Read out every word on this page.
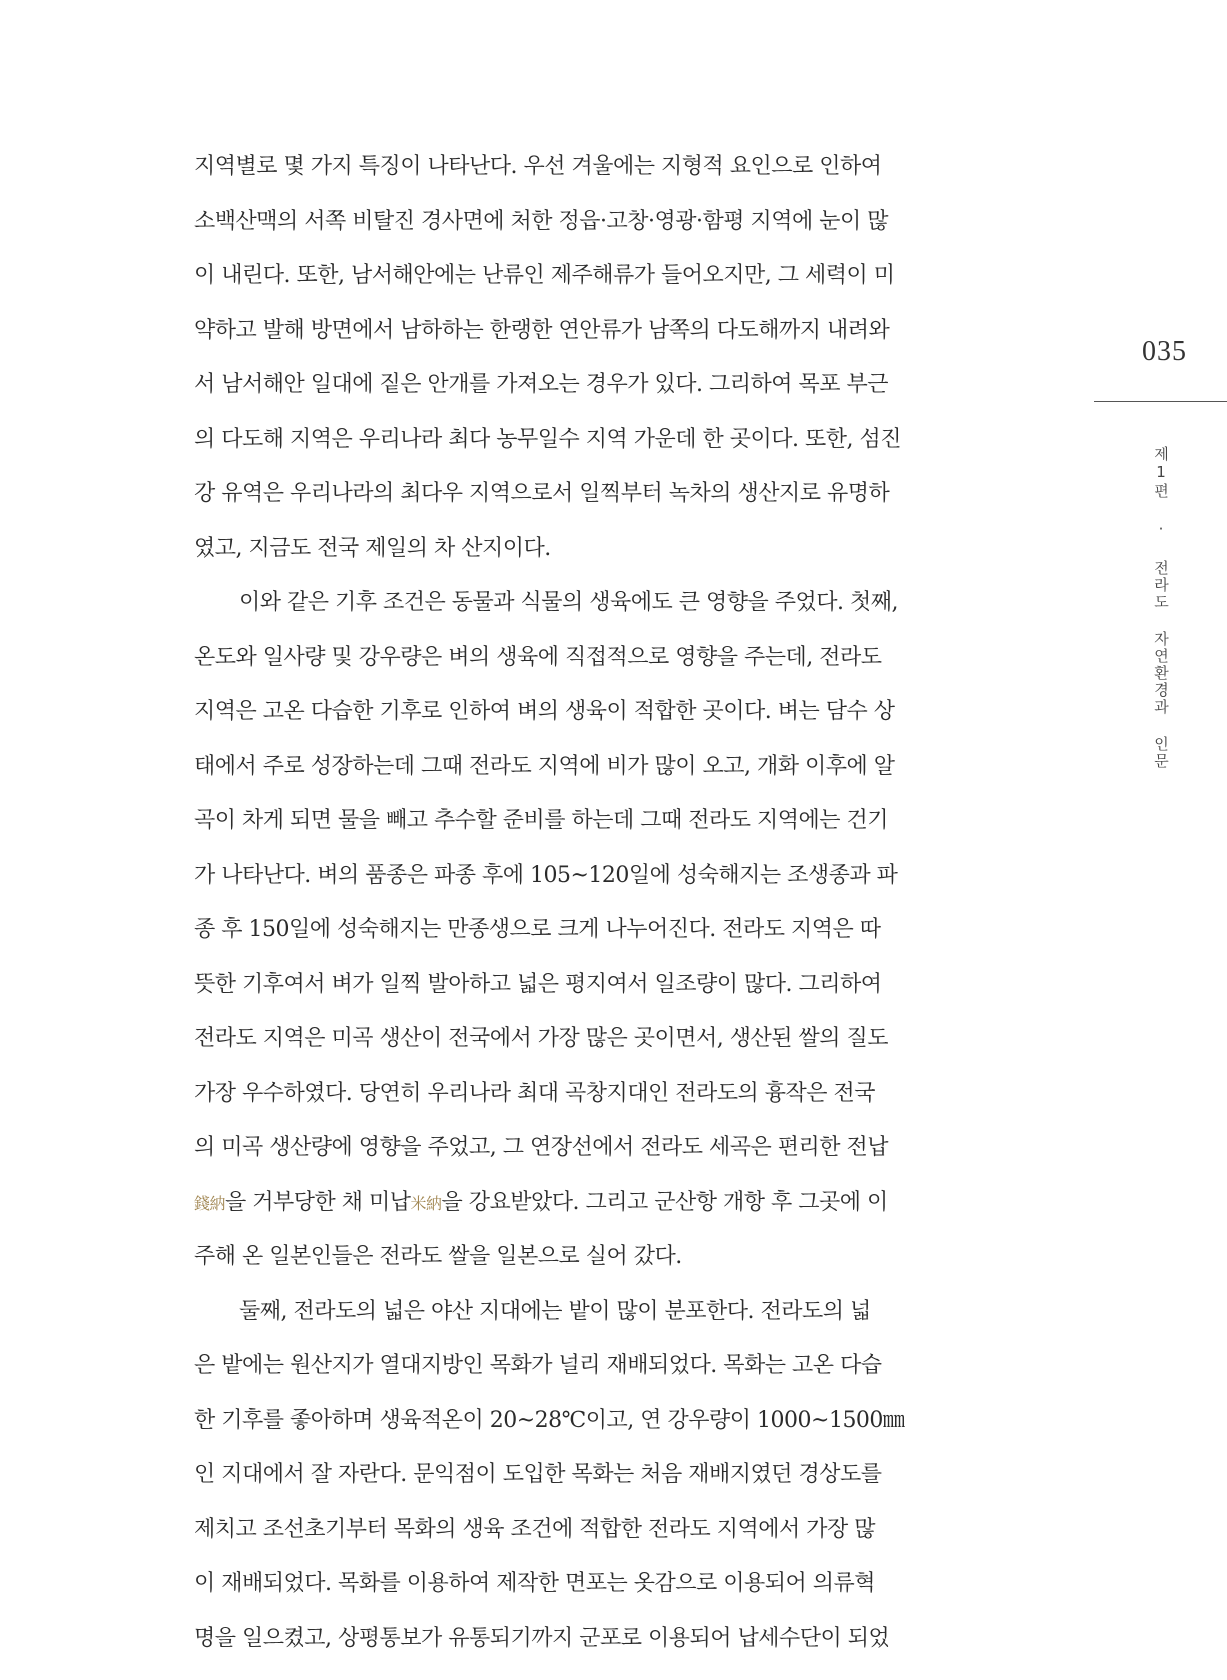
지역별로 몇 가지 특징이 나타난다. 우선 겨울에는 지형적 요인으로 인하여
소백산맥의 서쪽 비탈진 경사면에 처한 정읍·고창·영광·함평 지역에 눈이 많
이 내린다. 또한, 남서해안에는 난류인 제주해류가 들어오지만, 그 세력이 미
약하고 발해 방면에서 남하하는 한랭한 연안류가 남쪽의 다도해까지 내려와
서 남서해안 일대에 짙은 안개를 가져오는 경우가 있다. 그리하여 목포 부근
의 다도해 지역은 우리나라 최다 농무일수 지역 가운데 한 곳이다. 또한, 섬진
강 유역은 우리나라의 최다우 지역으로서 일찍부터 녹차의 생산지로 유명하
였고, 지금도 전국 제일의 차 산지이다.
이와 같은 기후 조건은 동물과 식물의 생육에도 큰 영향을 주었다. 첫째,
온도와 일사량 및 강우량은 벼의 생육에 직접적으로 영향을 주는데, 전라도
지역은 고온 다습한 기후로 인하여 벼의 생육이 적합한 곳이다. 벼는 담수 상
태에서 주로 성장하는데 그때 전라도 지역에 비가 많이 오고, 개화 이후에 알
곡이 차게 되면 물을 빼고 추수할 준비를 하는데 그때 전라도 지역에는 건기
가 나타난다. 벼의 품종은 파종 후에 105~120일에 성숙해지는 조생종과 파
종 후 150일에 성숙해지는 만종생으로 크게 나누어진다. 전라도 지역은 따
뜻한 기후여서 벼가 일찍 발아하고 넓은 평지여서 일조량이 많다. 그리하여
전라도 지역은 미곡 생산이 전국에서 가장 많은 곳이면서, 생산된 쌀의 질도
가장 우수하였다. 당연히 우리나라 최대 곡창지대인 전라도의 흉작은 전국
의 미곡 생산량에 영향을 주었고, 그 연장선에서 전라도 세곡은 편리한 전납
錢納을 거부당한 채 미납米納을 강요받았다. 그리고 군산항 개항 후 그곳에 이
주해 온 일본인들은 전라도 쌀을 일본으로 실어 갔다.
둘째, 전라도의 넓은 야산 지대에는 밭이 많이 분포한다. 전라도의 넓
은 밭에는 원산지가 열대지방인 목화가 널리 재배되었다. 목화는 고온 다습
한 기후를 좋아하며 생육적온이 20~28℃이고, 연 강우량이 1000~1500㎜
인 지대에서 잘 자란다. 문익점이 도입한 목화는 처음 재배지였던 경상도를
제치고 조선초기부터 목화의 생육 조건에 적합한 전라도 지역에서 가장 많
이 재배되었다. 목화를 이용하여 제작한 면포는 옷감으로 이용되어 의류혁
명을 일으켰고, 상평통보가 유통되기까지 군포로 이용되어 납세수단이 되었
035
제1편 · 전라도 자연환경과 인문
